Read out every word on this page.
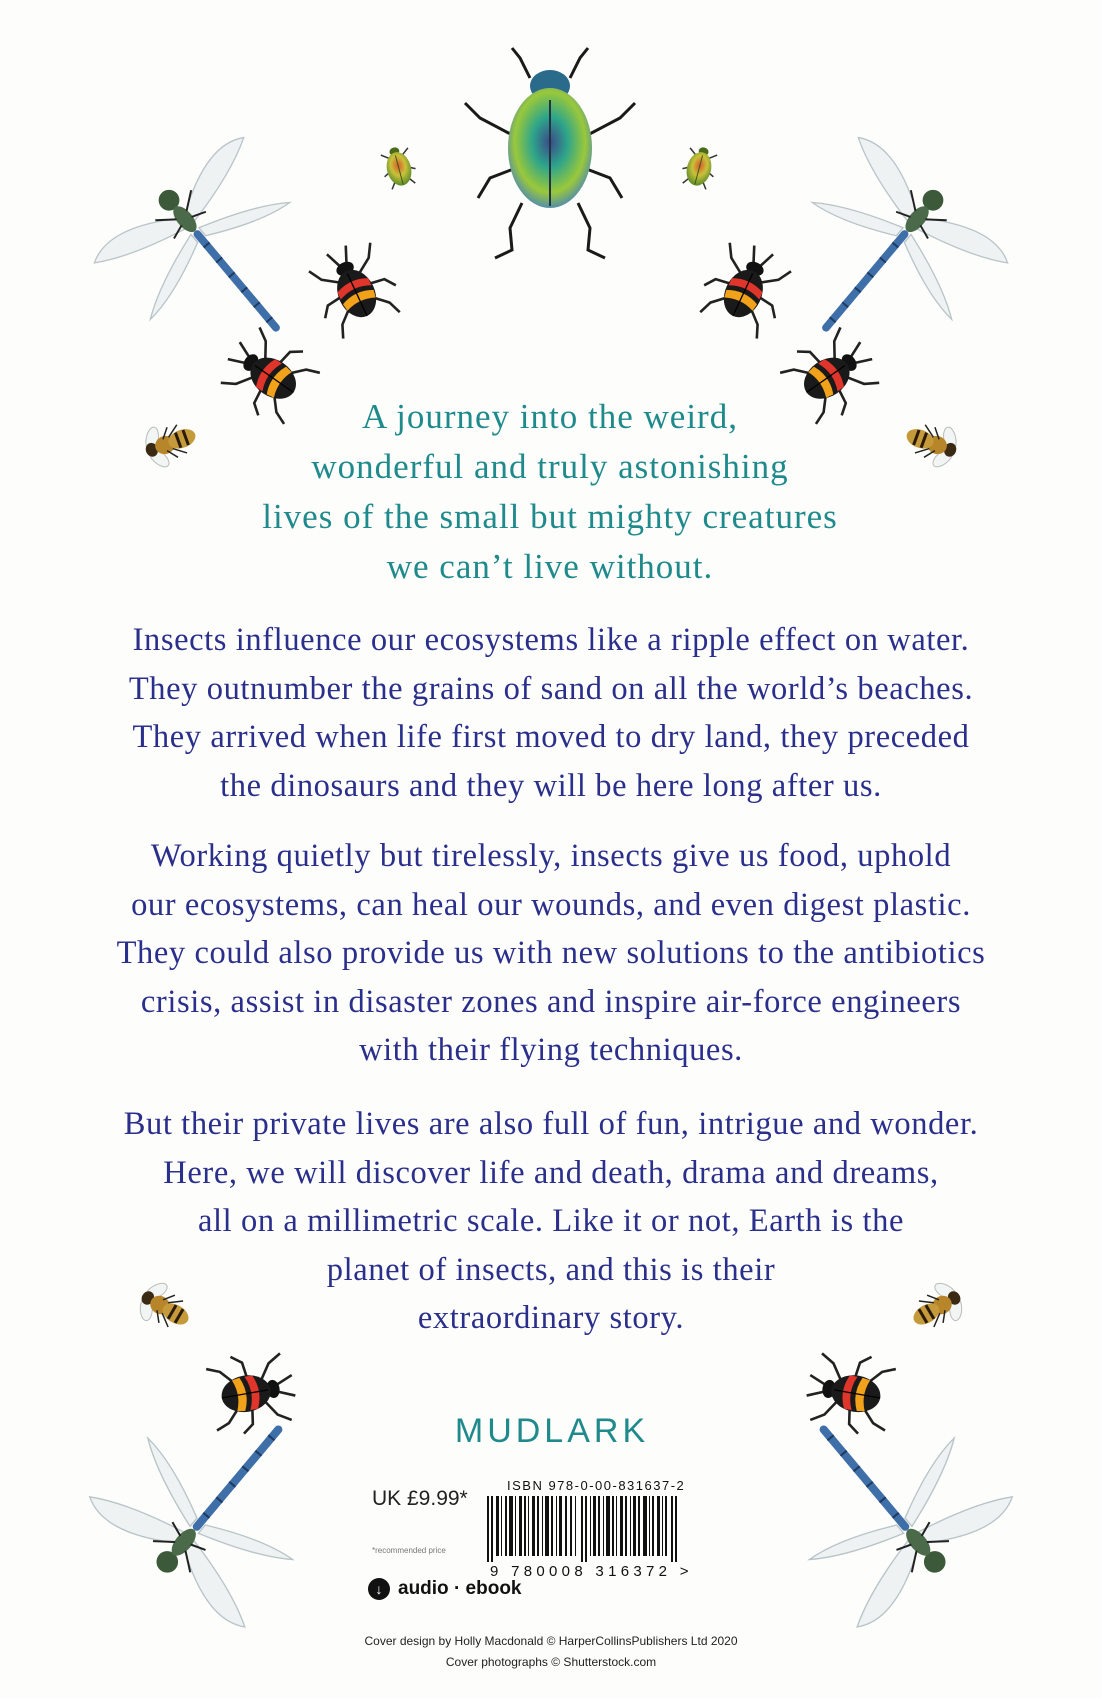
A journey into the weird,
wonderful and truly astonishing
lives of the small but mighty creatures
we can’t live without.
Insects influence our ecosystems like a ripple effect on water.
They outnumber the grains of sand on all the world’s beaches.
They arrived when life first moved to dry land, they preceded
the dinosaurs and they will be here long after us.
Working quietly but tirelessly, insects give us food, uphold
our ecosystems, can heal our wounds, and even digest plastic.
They could also provide us with new solutions to the antibiotics
crisis, assist in disaster zones and inspire air-force engineers
with their flying techniques.
But their private lives are also full of fun, intrigue and wonder.
Here, we will discover life and death, drama and dreams,
all on a millimetric scale. Like it or not, Earth is the
planet of insects, and this is their
extraordinary story.
MUDLARK
UK £9.99*
*recommended price
↓ audio · ebook
ISBN 978-0-00-831637-2
9 780008 316372 >
Cover design by Holly Macdonald © HarperCollinsPublishers Ltd 2020
Cover photographs © Shutterstock.com
